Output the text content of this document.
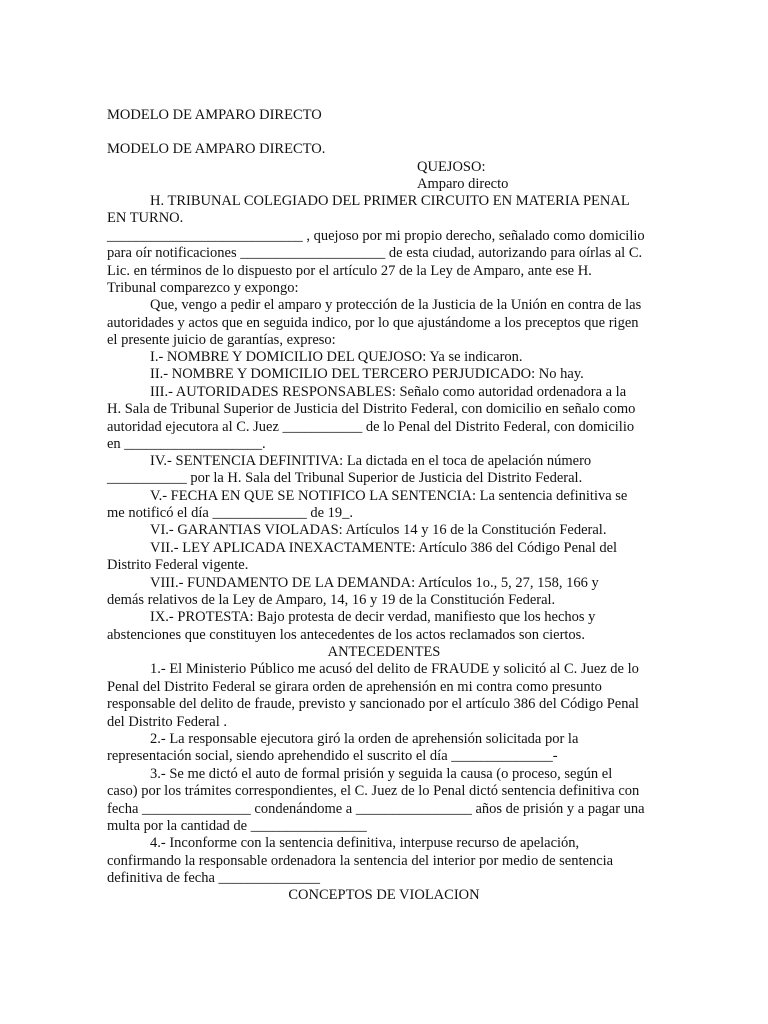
MODELO DE AMPARO DIRECTO
MODELO DE AMPARO DIRECTO.
QUEJOSO:
Amparo directo
H. TRIBUNAL COLEGIADO DEL PRIMER CIRCUITO EN MATERIA PENAL
EN TURNO.
___________________________ , quejoso por mi propio derecho, señalado como domicilio
para oír notificaciones ____________________ de esta ciudad, autorizando para oírlas al C.
Lic. en términos de lo dispuesto por el artículo 27 de la Ley de Amparo, ante ese H.
Tribunal comparezco y expongo:
Que, vengo a pedir el amparo y protección de la Justicia de la Unión en contra de las
autoridades y actos que en seguida indico, por lo que ajustándome a los preceptos que rigen
el presente juicio de garantías, expreso:
I.- NOMBRE Y DOMICILIO DEL QUEJOSO: Ya se indicaron.
II.- NOMBRE Y DOMICILIO DEL TERCERO PERJUDICADO: No hay.
III.- AUTORIDADES RESPONSABLES: Señalo como autoridad ordenadora a la
H. Sala de Tribunal Superior de Justicia del Distrito Federal, con domicilio en señalo como
autoridad ejecutora al C. Juez ___________ de lo Penal del Distrito Federal, con domicilio
en ___________________.
IV.- SENTENCIA DEFINITIVA: La dictada en el toca de apelación número
___________ por la H. Sala del Tribunal Superior de Justicia del Distrito Federal.
V.- FECHA EN QUE SE NOTIFICO LA SENTENCIA: La sentencia definitiva se
me notificó el día _____________ de 19_.
VI.- GARANTIAS VIOLADAS: Artículos 14 y 16 de la Constitución Federal.
VII.- LEY APLICADA INEXACTAMENTE: Artículo 386 del Código Penal del
Distrito Federal vigente.
VIII.- FUNDAMENTO DE LA DEMANDA: Artículos 1o., 5, 27, 158, 166 y
demás relativos de la Ley de Amparo, 14, 16 y 19 de la Constitución Federal.
IX.- PROTESTA: Bajo protesta de decir verdad, manifiesto que los hechos y
abstenciones que constituyen los antecedentes de los actos reclamados son ciertos.
ANTECEDENTES
1.- El Ministerio Público me acusó del delito de FRAUDE y solicitó al C. Juez de lo
Penal del Distrito Federal se girara orden de aprehensión en mi contra como presunto
responsable del delito de fraude, previsto y sancionado por el artículo 386 del Código Penal
del Distrito Federal .
2.- La responsable ejecutora giró la orden de aprehensión solicitada por la
representación social, siendo aprehendido el suscrito el día ______________-
3.- Se me dictó el auto de formal prisión y seguida la causa (o proceso, según el
caso) por los trámites correspondientes, el C. Juez de lo Penal dictó sentencia definitiva con
fecha _______________ condenándome a ________________ años de prisión y a pagar una
multa por la cantidad de ________________
4.- Inconforme con la sentencia definitiva, interpuse recurso de apelación,
confirmando la responsable ordenadora la sentencia del interior por medio de sentencia
definitiva de fecha ______________
CONCEPTOS DE VIOLACION
